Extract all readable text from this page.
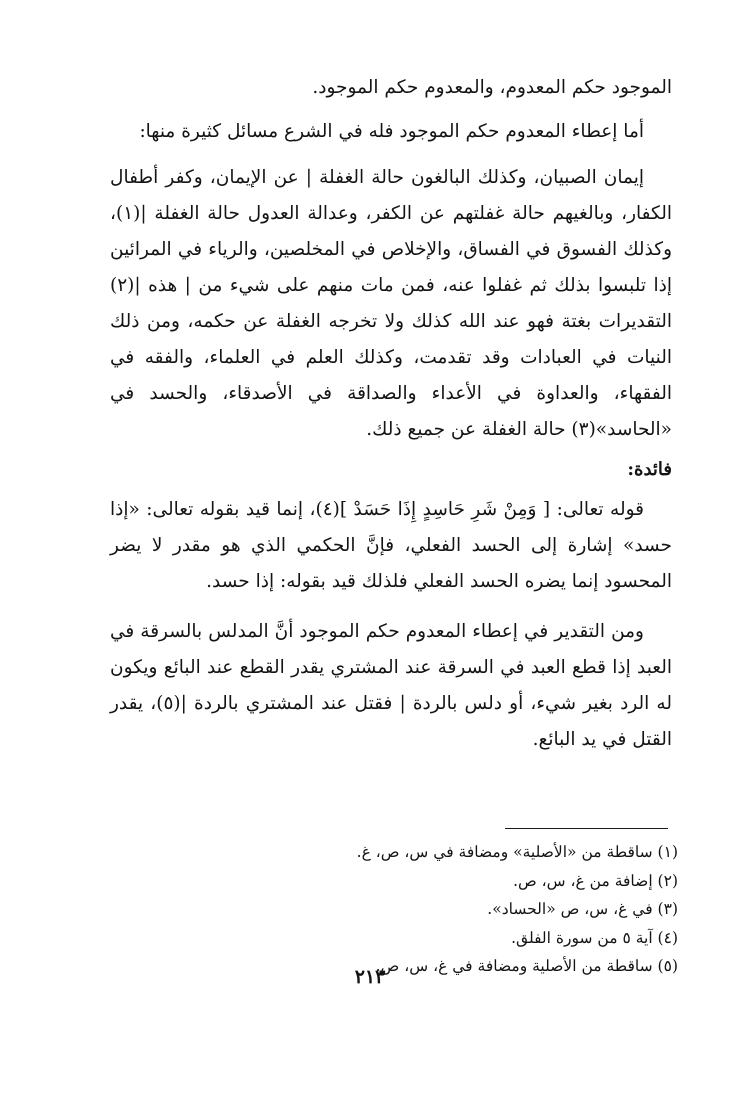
الموجود حكم المعدوم، والمعدوم حكم الموجود.

أما إعطاء المعدوم حكم الموجود فله في الشرع مسائل كثيرة منها:

إيمان الصبيان، وكذلك البالغون حالة الغفلة | عن الإيمان، وكفر أطفال الكفار، وبالغيهم حالة غفلتهم عن الكفر، وعدالة العدول حالة الغفلة |(١)، وكذلك الفسوق في الفساق، والإخلاص في المخلصين، والرياء في المرائين إذا تلبسوا بذلك ثم غفلوا عنه، فمن مات منهم على شيء من | هذه |(٢) التقديرات بغتة فهو عند الله كذلك ولا تخرجه الغفلة عن حكمه، ومن ذلك النيات في العبادات وقد تقدمت، وكذلك العلم في العلماء، والفقه في الفقهاء، والعداوة في الأعداء والصداقة في الأصدقاء، والحسد في «الحاسد»(٣) حالة الغفلة عن جميع ذلك.

فائدة:

قوله تعالى: [ وَمِنْ شَرِ حَاسِدٍ إِذَا حَسَدْ ](٤)، إنما قيد بقوله تعالى: «إذا حسد» إشارة إلى الحسد الفعلي، فإنَّ الحكمي الذي هو مقدر لا يضر المحسود إنما يضره الحسد الفعلي فلذلك قيد بقوله: إذا حسد.

ومن التقدير في إعطاء المعدوم حكم الموجود أنَّ المدلس بالسرقة في العبد إذا قطع العبد في السرقة عند المشتري يقدر القطع عند البائع ويكون له الرد بغير شيء، أو دلس بالردة | فقتل عند المشتري بالردة |(٥)، يقدر القتل في يد البائع.

(١) ساقطة من «الأصلية» ومضافة في س، ص، غ.

(٢) إضافة من غ، س، ص.

(٣) في غ، س، ص «الحساد».

(٤) آية ٥ من سورة الفلق.

(٥) ساقطة من الأصلية ومضافة في غ، س، ص.

٢١٣
